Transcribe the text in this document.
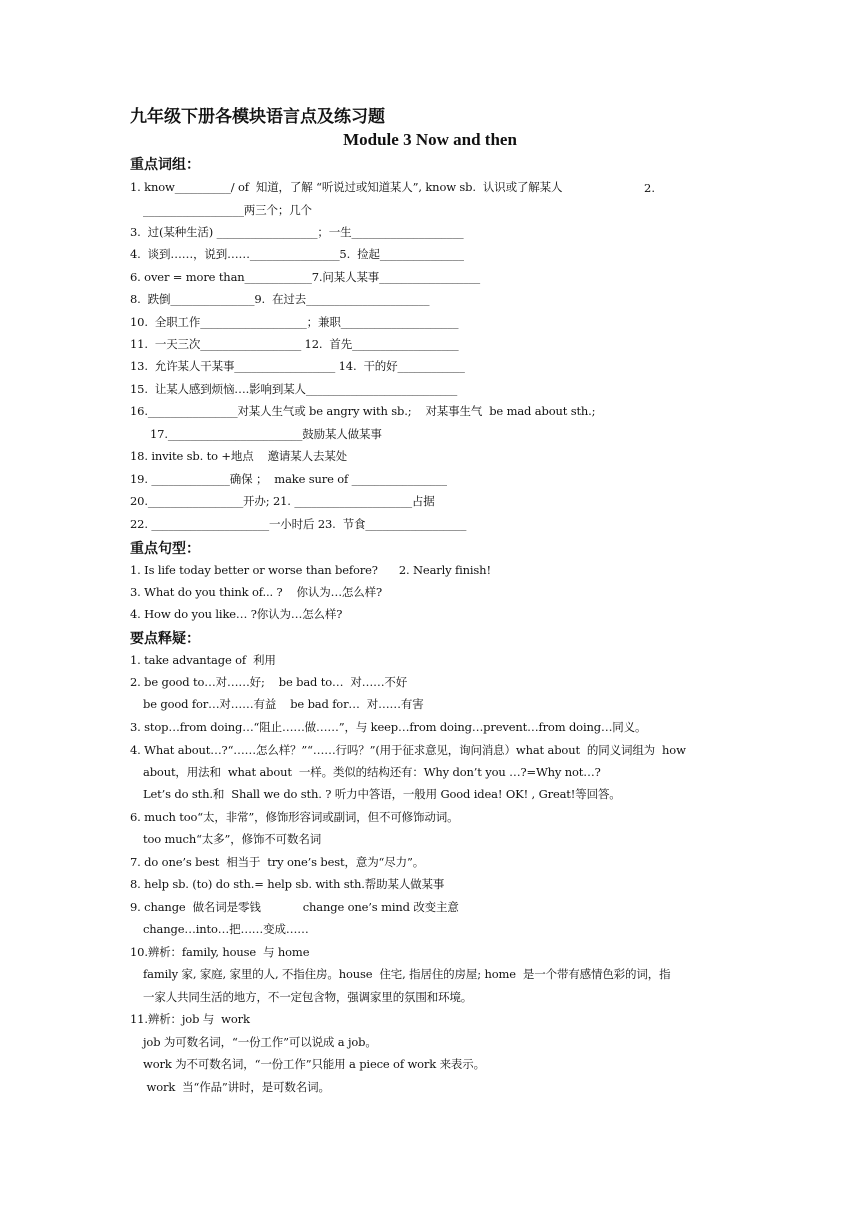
九年级下册各模块语言点及练习题
Module 3 Now and then
重点词组：
1. know__________/ of  知道，了解 “听说过或知道某人”, know sb.  认识或了解某人	2.
__________________两三个；几个
3.  过(某种生活) __________________；一生____________________
4.  谈到……，说到……________________5.  捡起_______________
6. over = more than____________7.问某人某事__________________
8.  跌倒_______________9.  在过去______________________
10.  全职工作___________________；兼职_____________________
11.  一天三次__________________ 12.  首先___________________
13.  允许某人干某事__________________ 14.  干的好____________
15.  让某人感到烦恼….影响到某人___________________________
16.________________对某人生气或 be angry with sb.;    对某事生气  be mad about sth.;
17.________________________鼓励某人做某事
18. invite sb. to +地点    邀请某人去某处
19. ______________确保 ；  make sure of _________________
20._________________开办; 21. _____________________占据
22. _____________________一小时后 23.  节食__________________
重点句型：
1. Is life today better or worse than before?      2. Nearly finish!
3. What do you think of... ?    你认为…怎么样?
4. How do you like… ?你认为…怎么样?
要点释疑：
1. take advantage of  利用
2. be good to…对……好;    be bad to…  对……不好
be good for…对……有益    be bad for…  对……有害
3. stop…from doing…“阻止……做……”，与 keep…from doing…prevent…from doing…同义。
4. What about…?“……怎么样？”“……行吗？”(用于征求意见，询问消息）what about  的同义词组为  how
about，用法和  what about  一样。类似的结构还有：Why don’t you …?=Why not…?
Let’s do sth.和  Shall we do sth. ? 听力中答语，一般用 Good idea! OK! , Great!等回答。
6. much too“太，非常”，修饰形容词或副词，但不可修饰动词。
too much“太多”，修饰不可数名词
7. do one’s best  相当于  try one’s best，意为“尽力”。
8. help sb. (to) do sth.= help sb. with sth.帮助某人做某事
9. change  做名词是零钱            change one’s mind 改变主意
change…into…把……变成……
10.辨析：family, house  与 home
family 家, 家庭, 家里的人, 不指住房。house  住宅, 指居住的房屋; home  是一个带有感情色彩的词，指
一家人共同生活的地方，不一定包含物，强调家里的氛围和环境。
11.辨析：job 与  work
job 为可数名词，“一份工作”可以说成 a job。
work 为不可数名词，“一份工作”只能用 a piece of work 来表示。
work  当“作品”讲时，是可数名词。
